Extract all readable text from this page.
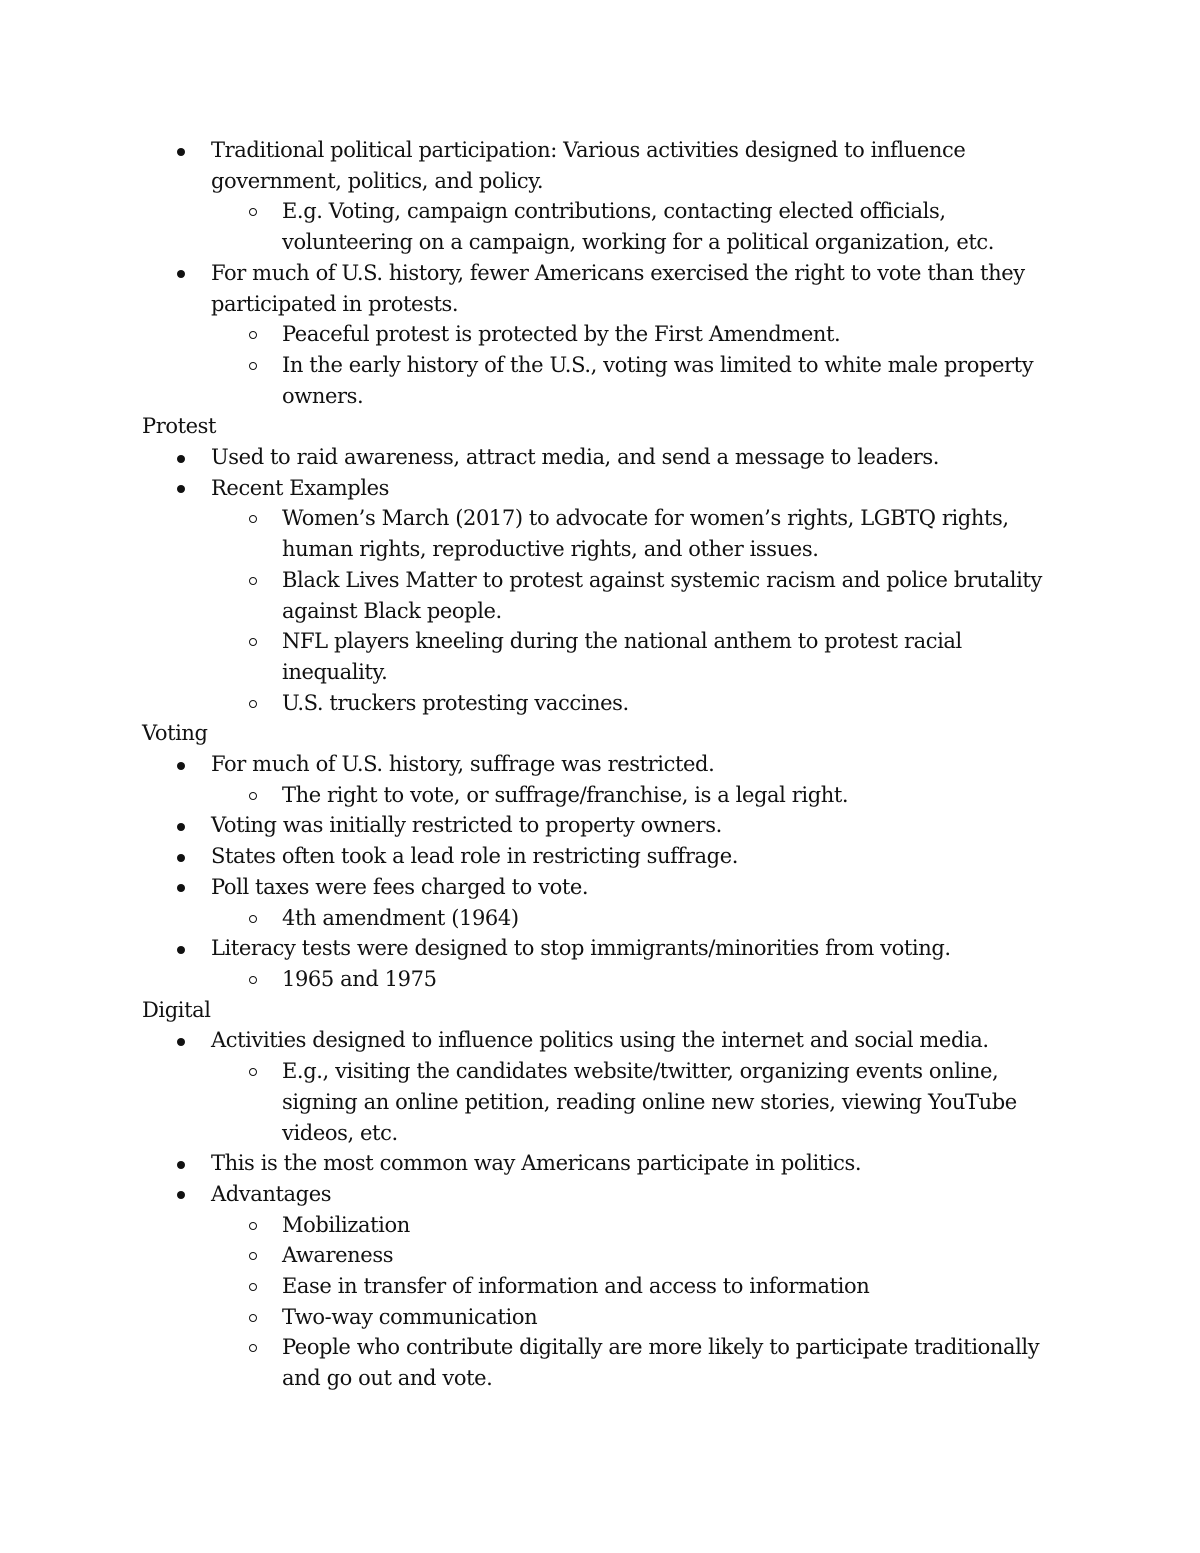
Traditional political participation: Various activities designed to influence
government, politics, and policy.
E.g. Voting, campaign contributions, contacting elected officials,
volunteering on a campaign, working for a political organization, etc.
For much of U.S. history, fewer Americans exercised the right to vote than they
participated in protests.
Peaceful protest is protected by the First Amendment.
In the early history of the U.S., voting was limited to white male property
owners.
Protest
Used to raid awareness, attract media, and send a message to leaders.
Recent Examples
Women’s March (2017) to advocate for women’s rights, LGBTQ rights,
human rights, reproductive rights, and other issues.
Black Lives Matter to protest against systemic racism and police brutality
against Black people.
NFL players kneeling during the national anthem to protest racial
inequality.
U.S. truckers protesting vaccines.
Voting
For much of U.S. history, suffrage was restricted.
The right to vote, or suffrage/franchise, is a legal right.
Voting was initially restricted to property owners.
States often took a lead role in restricting suffrage.
Poll taxes were fees charged to vote.
4th amendment (1964)
Literacy tests were designed to stop immigrants/minorities from voting.
1965 and 1975
Digital
Activities designed to influence politics using the internet and social media.
E.g., visiting the candidates website/twitter, organizing events online,
signing an online petition, reading online new stories, viewing YouTube
videos, etc.
This is the most common way Americans participate in politics.
Advantages
Mobilization
Awareness
Ease in transfer of information and access to information
Two-way communication
People who contribute digitally are more likely to participate traditionally
and go out and vote.
